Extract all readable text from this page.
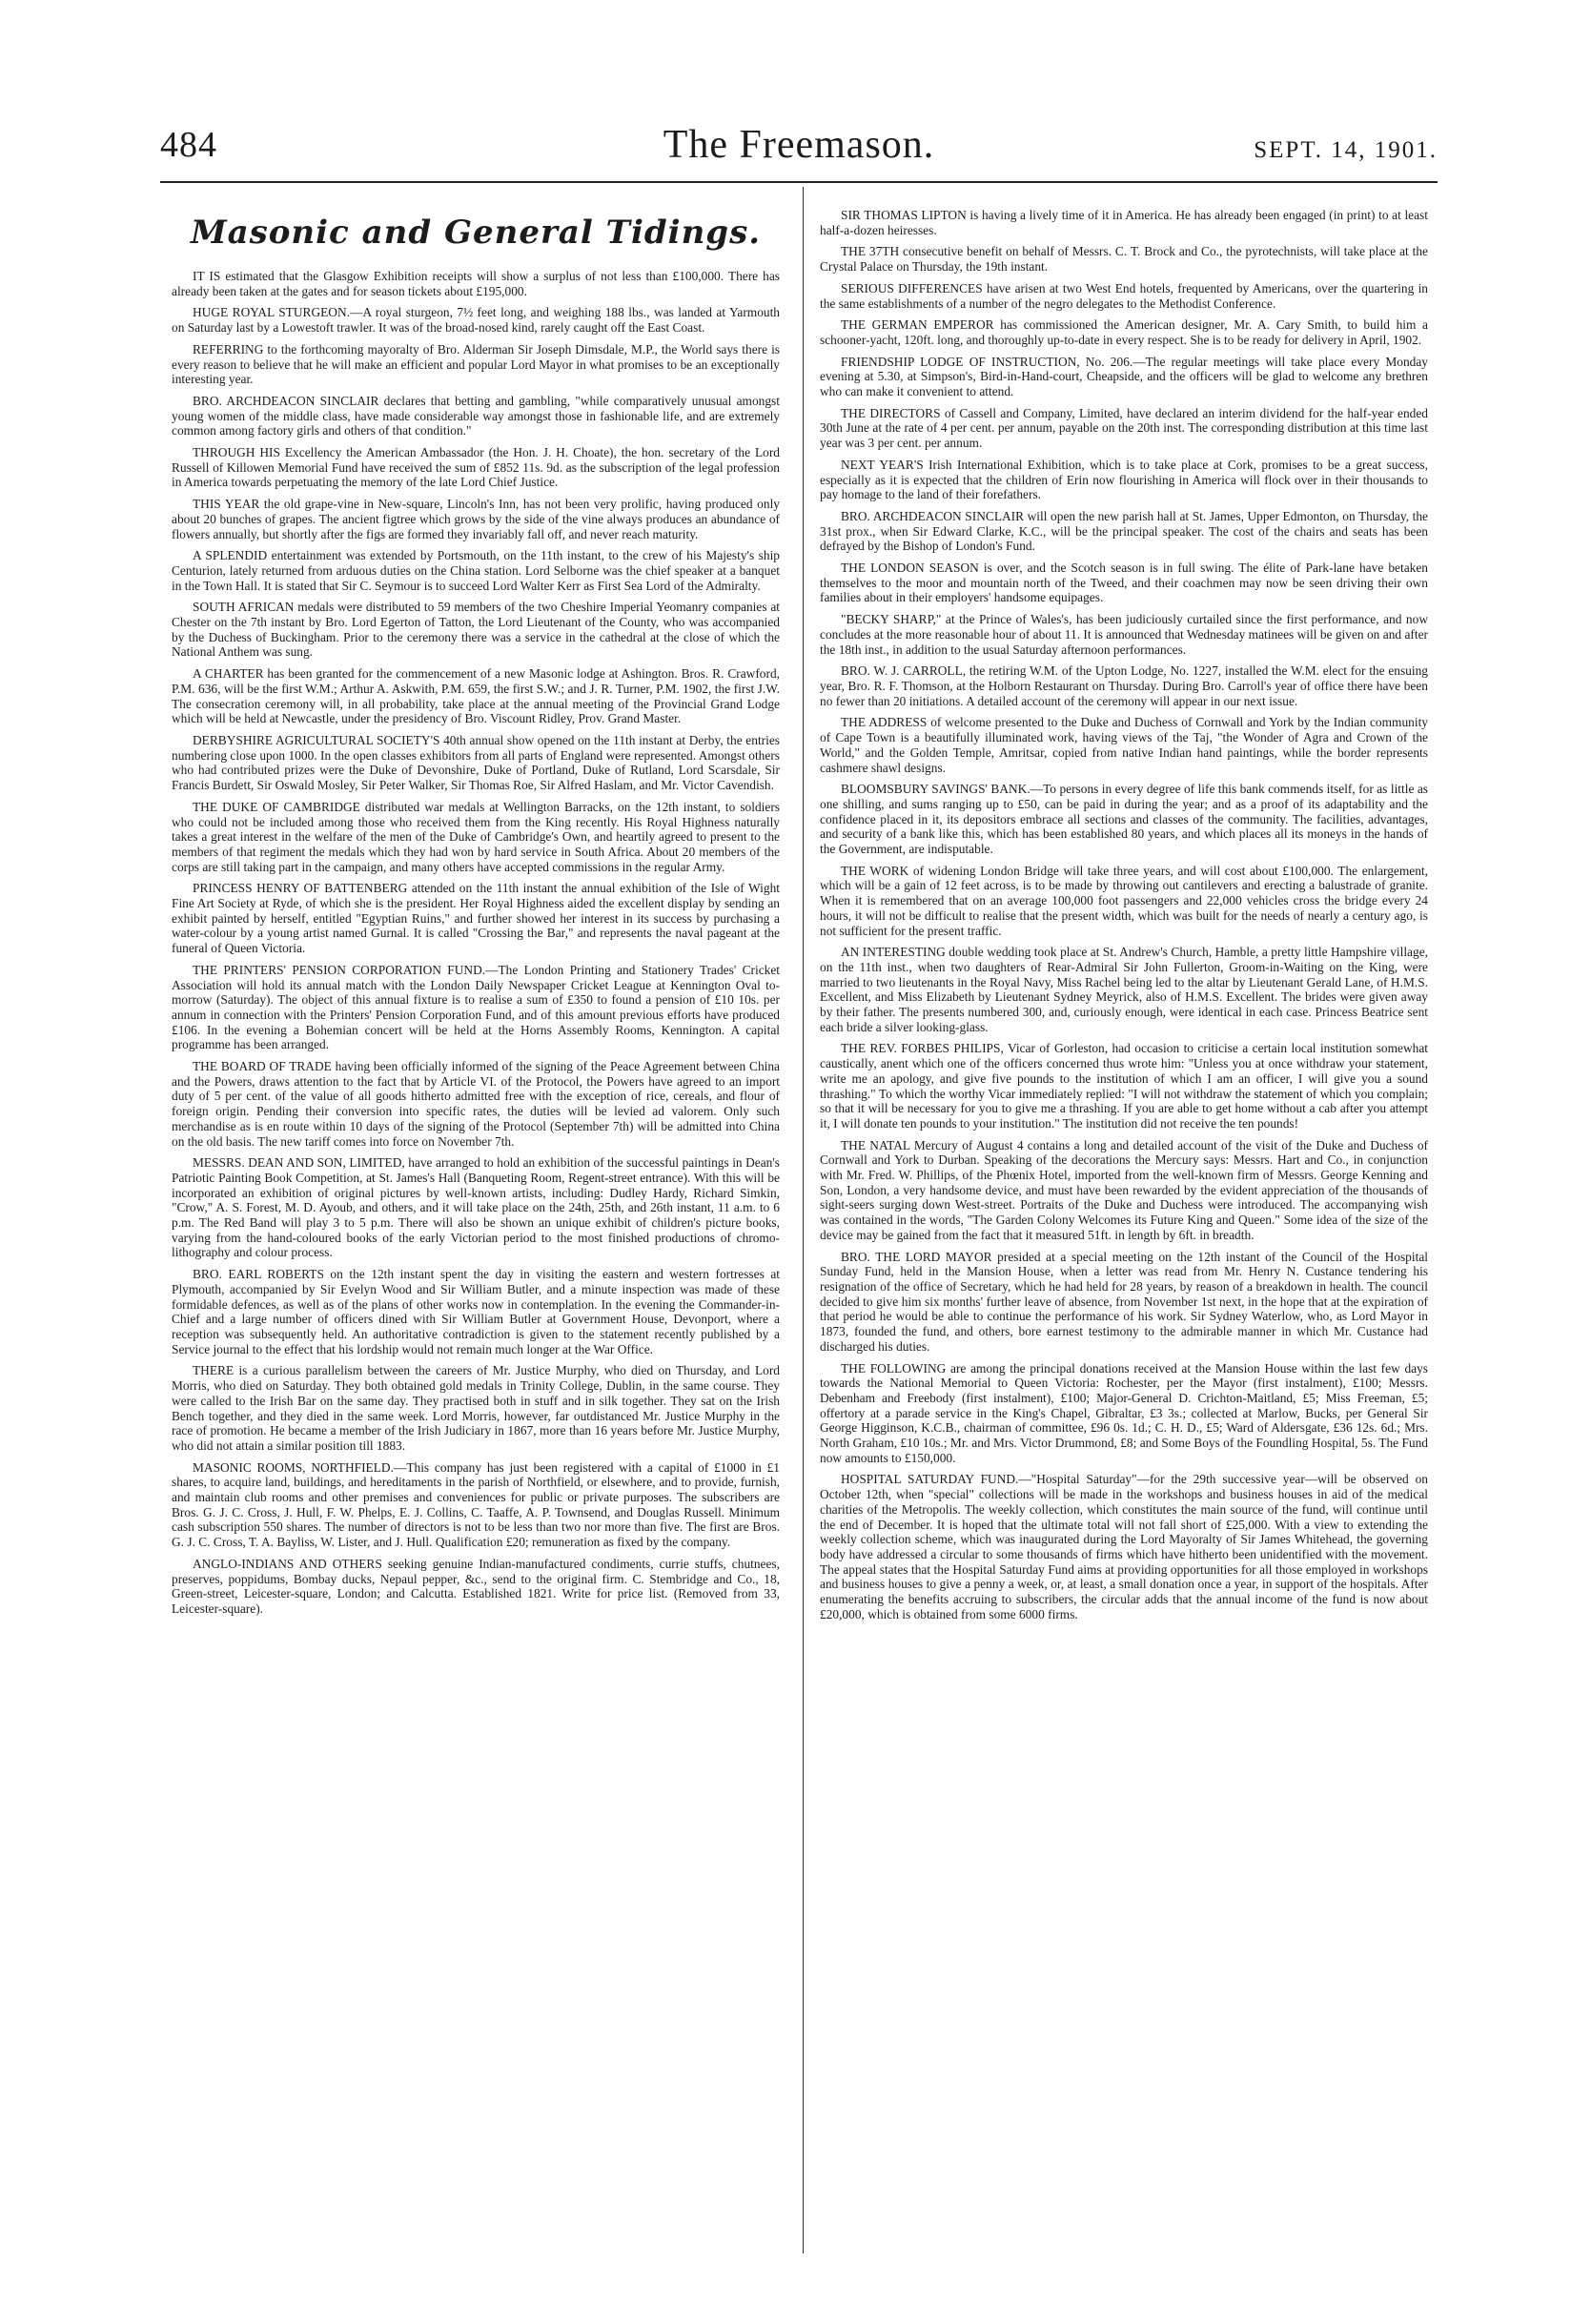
The Freemason.
484	SEPT. 14, 1901.
Masonic and General Tidings.

IT IS estimated that the Glasgow Exhibition receipts will show a surplus of not less than £100,000. There has already been taken at the gates and for season tickets about £195,000.

HUGE ROYAL STURGEON.—A royal sturgeon, 7½ feet long, and weighing 188 lbs., was landed at Yarmouth on Saturday last by a Lowestoft trawler. It was of the broad-nosed kind, rarely caught off the East Coast.

REFERRING to the forthcoming mayoralty of Bro. Alderman Sir Joseph Dimsdale, M.P., the World says there is every reason to believe that he will make an efficient and popular Lord Mayor in what promises to be an exceptionally interesting year.

BRO. ARCHDEACON SINCLAIR declares that betting and gambling, "while comparatively unusual amongst young women of the middle class, have made considerable way amongst those in fashionable life, and are extremely common among factory girls and others of that condition."

THROUGH HIS Excellency the American Ambassador (the Hon. J. H. Choate), the hon. secretary of the Lord Russell of Killowen Memorial Fund have received the sum of £852 11s. 9d. as the subscription of the legal profession in America towards perpetuating the memory of the late Lord Chief Justice.

THIS YEAR the old grape-vine in New-square, Lincoln's Inn, has not been very prolific, having produced only about 20 bunches of grapes. The ancient figtree which grows by the side of the vine always produces an abundance of flowers annually, but shortly after the figs are formed they invariably fall off, and never reach maturity.

A SPLENDID entertainment was extended by Portsmouth, on the 11th instant, to the crew of his Majesty's ship Centurion, lately returned from arduous duties on the China station. Lord Selborne was the chief speaker at a banquet in the Town Hall. It is stated that Sir C. Seymour is to succeed Lord Walter Kerr as First Sea Lord of the Admiralty.

SOUTH AFRICAN medals were distributed to 59 members of the two Cheshire Imperial Yeomanry companies at Chester on the 7th instant by Bro. Lord Egerton of Tatton, the Lord Lieutenant of the County, who was accompanied by the Duchess of Buckingham. Prior to the ceremony there was a service in the cathedral at the close of which the National Anthem was sung.

A CHARTER has been granted for the commencement of a new Masonic lodge at Ashington. Bros. R. Crawford, P.M. 636, will be the first W.M.; Arthur A. Askwith, P.M. 659, the first S.W.; and J. R. Turner, P.M. 1902, the first J.W. The consecration ceremony will, in all probability, take place at the annual meeting of the Provincial Grand Lodge which will be held at Newcastle, under the presidency of Bro. Viscount Ridley, Prov. Grand Master.

DERBYSHIRE AGRICULTURAL SOCIETY'S 40th annual show opened on the 11th instant at Derby, the entries numbering close upon 1000. In the open classes exhibitors from all parts of England were represented. Amongst others who had contributed prizes were the Duke of Devonshire, Duke of Portland, Duke of Rutland, Lord Scarsdale, Sir Francis Burdett, Sir Oswald Mosley, Sir Peter Walker, Sir Thomas Roe, Sir Alfred Haslam, and Mr. Victor Cavendish.

THE DUKE OF CAMBRIDGE distributed war medals at Wellington Barracks, on the 12th instant, to soldiers who could not be included among those who received them from the King recently. His Royal Highness naturally takes a great interest in the welfare of the men of the Duke of Cambridge's Own, and heartily agreed to present to the members of that regiment the medals which they had won by hard service in South Africa. About 20 members of the corps are still taking part in the campaign, and many others have accepted commissions in the regular Army.

PRINCESS HENRY OF BATTENBERG attended on the 11th instant the annual exhibition of the Isle of Wight Fine Art Society at Ryde, of which she is the president. Her Royal Highness aided the excellent display by sending an exhibit painted by herself, entitled "Egyptian Ruins," and further showed her interest in its success by purchasing a water-colour by a young artist named Gurnal. It is called "Crossing the Bar," and represents the naval pageant at the funeral of Queen Victoria.

THE PRINTERS' PENSION CORPORATION FUND.—The London Printing and Stationery Trades' Cricket Association will hold its annual match with the London Daily Newspaper Cricket League at Kennington Oval to-morrow (Saturday). The object of this annual fixture is to realise a sum of £350 to found a pension of £10 10s. per annum in connection with the Printers' Pension Corporation Fund, and of this amount previous efforts have produced £106. In the evening a Bohemian concert will be held at the Horns Assembly Rooms, Kennington. A capital programme has been arranged.

THE BOARD OF TRADE having been officially informed of the signing of the Peace Agreement between China and the Powers, draws attention to the fact that by Article VI. of the Protocol, the Powers have agreed to an import duty of 5 per cent. of the value of all goods hitherto admitted free with the exception of rice, cereals, and flour of foreign origin. Pending their conversion into specific rates, the duties will be levied ad valorem. Only such merchandise as is en route within 10 days of the signing of the Protocol (September 7th) will be admitted into China on the old basis. The new tariff comes into force on November 7th.

MESSRS. DEAN AND SON, LIMITED, have arranged to hold an exhibition of the successful paintings in Dean's Patriotic Painting Book Competition, at St. James's Hall (Banqueting Room, Regent-street entrance). With this will be incorporated an exhibition of original pictures by well-known artists, including: Dudley Hardy, Richard Simkin, "Crow," A. S. Forest, M. D. Ayoub, and others, and it will take place on the 24th, 25th, and 26th instant, 11 a.m. to 6 p.m. The Red Band will play 3 to 5 p.m. There will also be shown an unique exhibit of children's picture books, varying from the hand-coloured books of the early Victorian period to the most finished productions of chromo-lithography and colour process.

BRO. EARL ROBERTS on the 12th instant spent the day in visiting the eastern and western fortresses at Plymouth, accompanied by Sir Evelyn Wood and Sir William Butler, and a minute inspection was made of these formidable defences, as well as of the plans of other works now in contemplation. In the evening the Commander-in-Chief and a large number of officers dined with Sir William Butler at Government House, Devonport, where a reception was subsequently held. An authoritative contradiction is given to the statement recently published by a Service journal to the effect that his lordship would not remain much longer at the War Office.

THERE is a curious parallelism between the careers of Mr. Justice Murphy, who died on Thursday, and Lord Morris, who died on Saturday. They both obtained gold medals in Trinity College, Dublin, in the same course. They were called to the Irish Bar on the same day. They practised both in stuff and in silk together. They sat on the Irish Bench together, and they died in the same week. Lord Morris, however, far outdistanced Mr. Justice Murphy in the race of promotion. He became a member of the Irish Judiciary in 1867, more than 16 years before Mr. Justice Murphy, who did not attain a similar position till 1883.

MASONIC ROOMS, NORTHFIELD.—This company has just been registered with a capital of £1000 in £1 shares, to acquire land, buildings, and hereditaments in the parish of Northfield, or elsewhere, and to provide, furnish, and maintain club rooms and other premises and conveniences for public or private purposes. The subscribers are Bros. G. J. C. Cross, J. Hull, F. W. Phelps, E. J. Collins, C. Taaffe, A. P. Townsend, and Douglas Russell. Minimum cash subscription 550 shares. The number of directors is not to be less than two nor more than five. The first are Bros. G. J. C. Cross, T. A. Bayliss, W. Lister, and J. Hull. Qualification £20; remuneration as fixed by the company.

ANGLO-INDIANS AND OTHERS seeking genuine Indian-manufactured condiments, currie stuffs, chutnees, preserves, poppidums, Bombay ducks, Nepaul pepper, &c., send to the original firm. C. Stembridge and Co., 18, Green-street, Leicester-square, London; and Calcutta. Established 1821. Write for price list. (Removed from 33, Leicester-square).

SIR THOMAS LIPTON is having a lively time of it in America. He has already been engaged (in print) to at least half-a-dozen heiresses.

THE 37TH consecutive benefit on behalf of Messrs. C. T. Brock and Co., the pyrotechnists, will take place at the Crystal Palace on Thursday, the 19th instant.

SERIOUS DIFFERENCES have arisen at two West End hotels, frequented by Americans, over the quartering in the same establishments of a number of the negro delegates to the Methodist Conference.

THE GERMAN EMPEROR has commissioned the American designer, Mr. A. Cary Smith, to build him a schooner-yacht, 120ft. long, and thoroughly up-to-date in every respect. She is to be ready for delivery in April, 1902.

FRIENDSHIP LODGE OF INSTRUCTION, No. 206.—The regular meetings will take place every Monday evening at 5.30, at Simpson's, Bird-in-Hand-court, Cheapside, and the officers will be glad to welcome any brethren who can make it convenient to attend.

THE DIRECTORS of Cassell and Company, Limited, have declared an interim dividend for the half-year ended 30th June at the rate of 4 per cent. per annum, payable on the 20th inst. The corresponding distribution at this time last year was 3 per cent. per annum.

NEXT YEAR'S Irish International Exhibition, which is to take place at Cork, promises to be a great success, especially as it is expected that the children of Erin now flourishing in America will flock over in their thousands to pay homage to the land of their forefathers.

BRO. ARCHDEACON SINCLAIR will open the new parish hall at St. James, Upper Edmonton, on Thursday, the 31st prox., when Sir Edward Clarke, K.C., will be the principal speaker. The cost of the chairs and seats has been defrayed by the Bishop of London's Fund.

THE LONDON SEASON is over, and the Scotch season is in full swing. The élite of Park-lane have betaken themselves to the moor and mountain north of the Tweed, and their coachmen may now be seen driving their own families about in their employers' handsome equipages.

"BECKY SHARP," at the Prince of Wales's, has been judiciously curtailed since the first performance, and now concludes at the more reasonable hour of about 11. It is announced that Wednesday matinees will be given on and after the 18th inst., in addition to the usual Saturday afternoon performances.

BRO. W. J. CARROLL, the retiring W.M. of the Upton Lodge, No. 1227, installed the W.M. elect for the ensuing year, Bro. R. F. Thomson, at the Holborn Restaurant on Thursday. During Bro. Carroll's year of office there have been no fewer than 20 initiations. A detailed account of the ceremony will appear in our next issue.

THE ADDRESS of welcome presented to the Duke and Duchess of Cornwall and York by the Indian community of Cape Town is a beautifully illuminated work, having views of the Taj, "the Wonder of Agra and Crown of the World," and the Golden Temple, Amritsar, copied from native Indian hand paintings, while the border represents cashmere shawl designs.

BLOOMSBURY SAVINGS' BANK.—To persons in every degree of life this bank commends itself, for as little as one shilling, and sums ranging up to £50, can be paid in during the year; and as a proof of its adaptability and the confidence placed in it, its depositors embrace all sections and classes of the community. The facilities, advantages, and security of a bank like this, which has been established 80 years, and which places all its moneys in the hands of the Government, are indisputable.

THE WORK of widening London Bridge will take three years, and will cost about £100,000. The enlargement, which will be a gain of 12 feet across, is to be made by throwing out cantilevers and erecting a balustrade of granite. When it is remembered that on an average 100,000 foot passengers and 22,000 vehicles cross the bridge every 24 hours, it will not be difficult to realise that the present width, which was built for the needs of nearly a century ago, is not sufficient for the present traffic.

AN INTERESTING double wedding took place at St. Andrew's Church, Hamble, a pretty little Hampshire village, on the 11th inst., when two daughters of Rear-Admiral Sir John Fullerton, Groom-in-Waiting on the King, were married to two lieutenants in the Royal Navy, Miss Rachel being led to the altar by Lieutenant Gerald Lane, of H.M.S. Excellent, and Miss Elizabeth by Lieutenant Sydney Meyrick, also of H.M.S. Excellent. The brides were given away by their father. The presents numbered 300, and, curiously enough, were identical in each case. Princess Beatrice sent each bride a silver looking-glass.

THE REV. FORBES PHILIPS, Vicar of Gorleston, had occasion to criticise a certain local institution somewhat caustically, anent which one of the officers concerned thus wrote him: "Unless you at once withdraw your statement, write me an apology, and give five pounds to the institution of which I am an officer, I will give you a sound thrashing." To which the worthy Vicar immediately replied: "I will not withdraw the statement of which you complain; so that it will be necessary for you to give me a thrashing. If you are able to get home without a cab after you attempt it, I will donate ten pounds to your institution." The institution did not receive the ten pounds!

THE NATAL Mercury of August 4 contains a long and detailed account of the visit of the Duke and Duchess of Cornwall and York to Durban. Speaking of the decorations the Mercury says: Messrs. Hart and Co., in conjunction with Mr. Fred. W. Phillips, of the Phœnix Hotel, imported from the well-known firm of Messrs. George Kenning and Son, London, a very handsome device, and must have been rewarded by the evident appreciation of the thousands of sight-seers surging down West-street. Portraits of the Duke and Duchess were introduced. The accompanying wish was contained in the words, "The Garden Colony Welcomes its Future King and Queen." Some idea of the size of the device may be gained from the fact that it measured 51ft. in length by 6ft. in breadth.

BRO. THE LORD MAYOR presided at a special meeting on the 12th instant of the Council of the Hospital Sunday Fund, held in the Mansion House, when a letter was read from Mr. Henry N. Custance tendering his resignation of the office of Secretary, which he had held for 28 years, by reason of a breakdown in health. The council decided to give him six months' further leave of absence, from November 1st next, in the hope that at the expiration of that period he would be able to continue the performance of his work. Sir Sydney Waterlow, who, as Lord Mayor in 1873, founded the fund, and others, bore earnest testimony to the admirable manner in which Mr. Custance had discharged his duties.

THE FOLLOWING are among the principal donations received at the Mansion House within the last few days towards the National Memorial to Queen Victoria: Rochester, per the Mayor (first instalment), £100; Messrs. Debenham and Freebody (first instalment), £100; Major-General D. Crichton-Maitland, £5; Miss Freeman, £5; offertory at a parade service in the King's Chapel, Gibraltar, £3 3s.; collected at Marlow, Bucks, per General Sir George Higginson, K.C.B., chairman of committee, £96 0s. 1d.; C. H. D., £5; Ward of Aldersgate, £36 12s. 6d.; Mrs. North Graham, £10 10s.; Mr. and Mrs. Victor Drummond, £8; and Some Boys of the Foundling Hospital, 5s. The Fund now amounts to £150,000.

HOSPITAL SATURDAY FUND.—"Hospital Saturday"—for the 29th successive year—will be observed on October 12th, when "special" collections will be made in the workshops and business houses in aid of the medical charities of the Metropolis. The weekly collection, which constitutes the main source of the fund, will continue until the end of December. It is hoped that the ultimate total will not fall short of £25,000. With a view to extending the weekly collection scheme, which was inaugurated during the Lord Mayoralty of Sir James Whitehead, the governing body have addressed a circular to some thousands of firms which have hitherto been unidentified with the movement. The appeal states that the Hospital Saturday Fund aims at providing opportunities for all those employed in workshops and business houses to give a penny a week, or, at least, a small donation once a year, in support of the hospitals. After enumerating the benefits accruing to subscribers, the circular adds that the annual income of the fund is now about £20,000, which is obtained from some 6000 firms.
